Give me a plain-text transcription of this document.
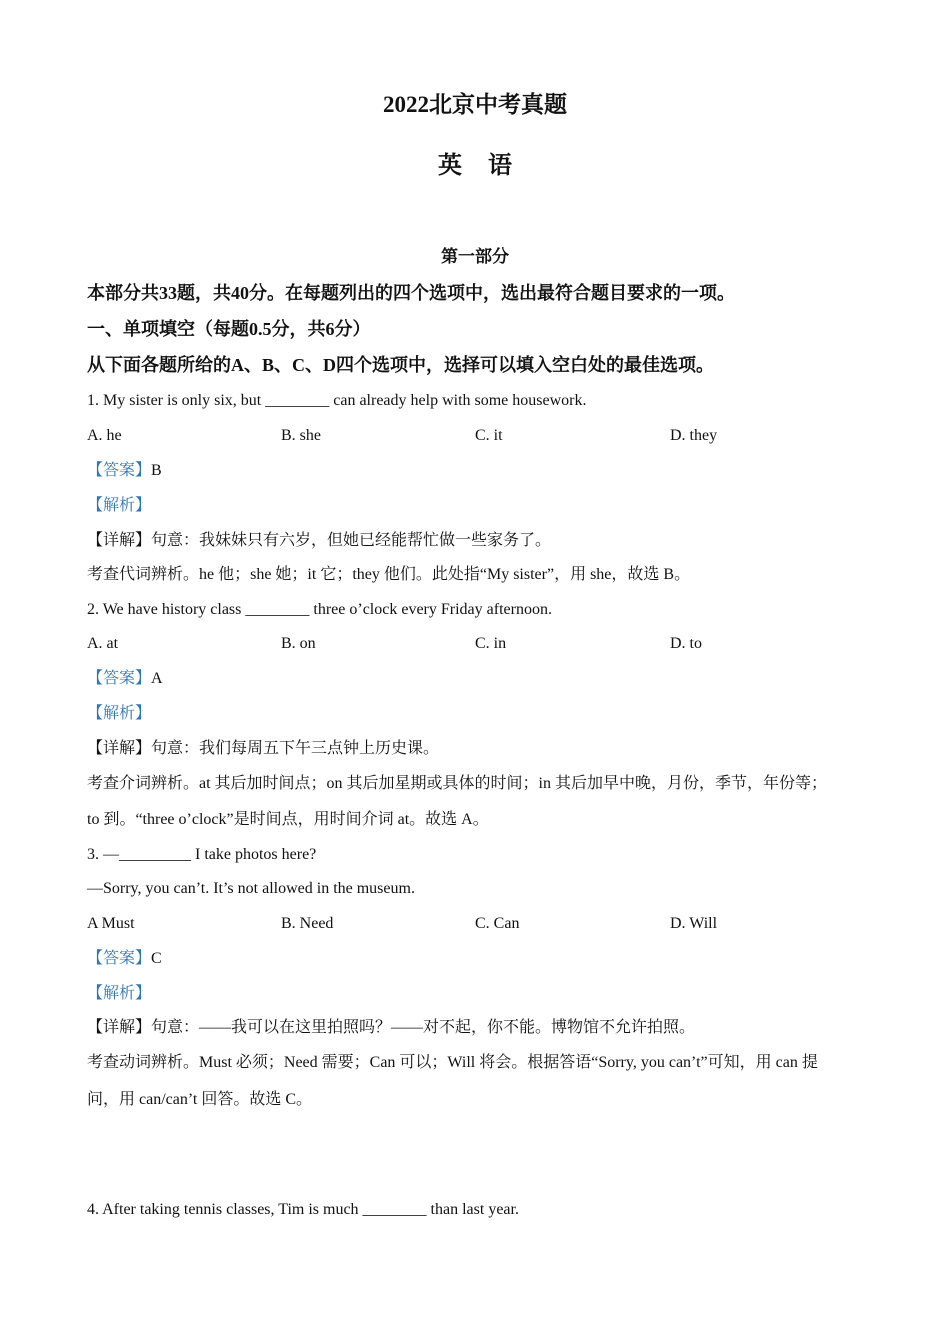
2022北京中考真题
英语
第一部分
本部分共33题，共40分。在每题列出的四个选项中，选出最符合题目要求的一项。
一、单项填空（每题0.5分，共6分）
从下面各题所给的A、B、C、D四个选项中，选择可以填入空白处的最佳选项。
1. My sister is only six, but ________ can already help with some housework.
A. he	B. she	C. it	D. they
【答案】B
【解析】
【详解】句意：我妹妹只有六岁，但她已经能帮忙做一些家务了。
考查代词辨析。he 他；she 她；it 它；they 他们。此处指“My sister”，用 she，故选 B。
2. We have history class ________ three o’clock every Friday afternoon.
A. at	B. on	C. in	D. to
【答案】A
【解析】
【详解】句意：我们每周五下午三点钟上历史课。
考查介词辨析。at 其后加时间点；on 其后加星期或具体的时间；in 其后加早中晚，月份，季节，年份等；
to 到。“three o’clock”是时间点，用时间介词 at。故选 A。
3. —_________ I take photos here?
—Sorry, you can’t. It’s not allowed in the museum.
A Must	B. Need	C. Can	D. Will
【答案】C
【解析】
【详解】句意：——我可以在这里拍照吗？——对不起，你不能。博物馆不允许拍照。
考查动词辨析。Must 必须；Need 需要；Can 可以；Will 将会。根据答语“Sorry, you can’t”可知，用 can 提
问，用 can/can’t 回答。故选 C。
4. After taking tennis classes, Tim is much ________ than last year.
